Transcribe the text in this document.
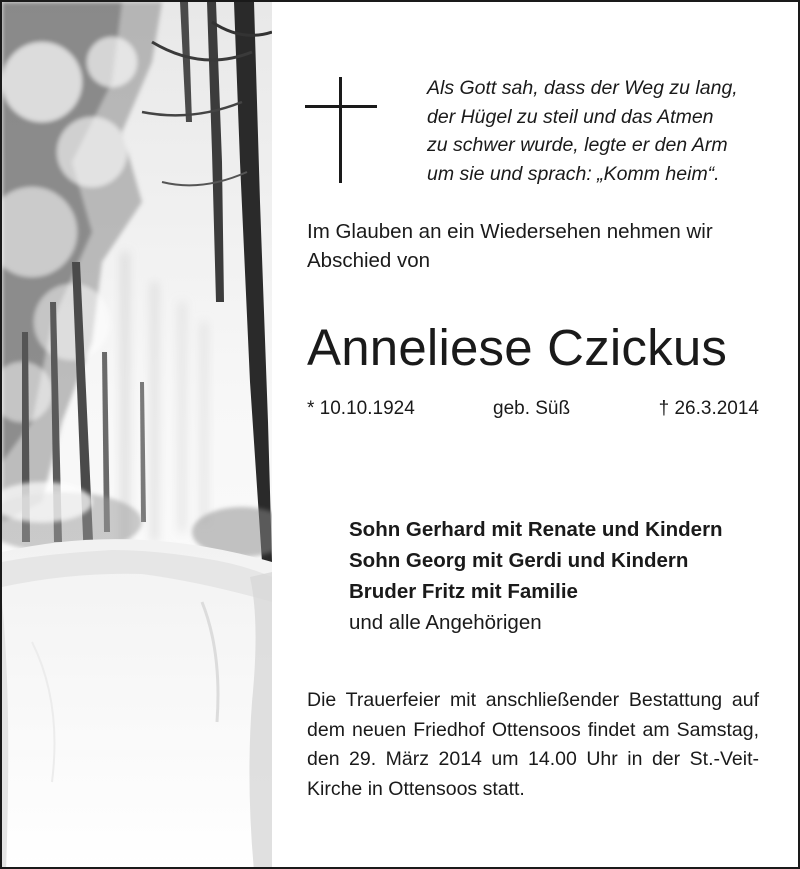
Als Gott sah, dass der Weg zu lang,
der Hügel zu steil und das Atmen
zu schwer wurde, legte er den Arm
um sie und sprach: „Komm heim“.
Im Glauben an ein Wiedersehen nehmen wir
Abschied von
Anneliese Czickus
* 10.10.1924	geb. Süß	† 26.3.2014
Sohn Gerhard mit Renate und Kindern
Sohn Georg mit Gerdi und Kindern
Bruder Fritz mit Familie
und alle Angehörigen
Die Trauerfeier mit anschließender Bestattung auf
dem neuen Friedhof Ottensoos findet am Samstag,
den 29. März 2014 um 14.00 Uhr in der St.-Veit-
Kirche in Ottensoos statt.
